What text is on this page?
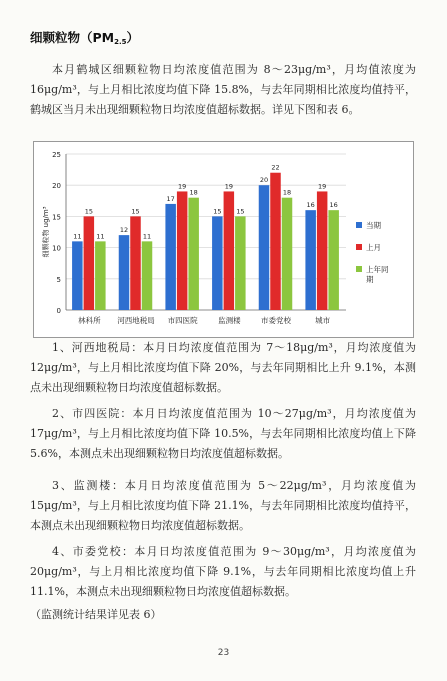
细颗粒物$(PM_{2.5})$

本月鹤城区细颗粒物日均浓度值范围为 8～23μg/m³，月均值浓度为 16μg/m³，与上月相比浓度均值下降 15.8%，与去年同期相比浓度均值持平，鹤城区当月未出现细颗粒物日均浓度值超标数据。详见下图和表 6。

0
5
10
15
20
25
细颗粒物 ug/m³	11
15
11
林科所
12
15
11
河西地税局
17
19
18
市四医院
15
19
15
监测楼
20
22
18
市委党校
16
19
16
城市
当期
上月
上年同
期

1、河西地税局：本月日均浓度值范围为 7～18μg/m³，月均浓度值为 12μg/m³，与上月相比浓度均值下降 20%，与去年同期相比上升 9.1%，本测点未出现细颗粒物日均浓度值超标数据。

2、市四医院：本月日均浓度值范围为 10～27μg/m³，月均浓度值为 17μg/m³，与上月相比浓度均值下降 10.5%，与去年同期相比浓度均值上下降 5.6%，本测点未出现细颗粒物日均浓度值超标数据。

3、监测楼：本月日均浓度值范围为 5～22μg/m³，月均浓度值为 15μg/m³，与上月相比浓度均值下降 21.1%，与去年同期相比浓度均值持平，本测点未出现细颗粒物日均浓度值超标数据。

4、市委党校：本月日均浓度值范围为 9～30μg/m³，月均浓度值为 20μg/m³，与上月相比浓度均值下降 9.1%，与去年同期相比浓度均值上升 11.1%，本测点未出现细颗粒物日均浓度值超标数据。

（监测统计结果详见表 6）

23
